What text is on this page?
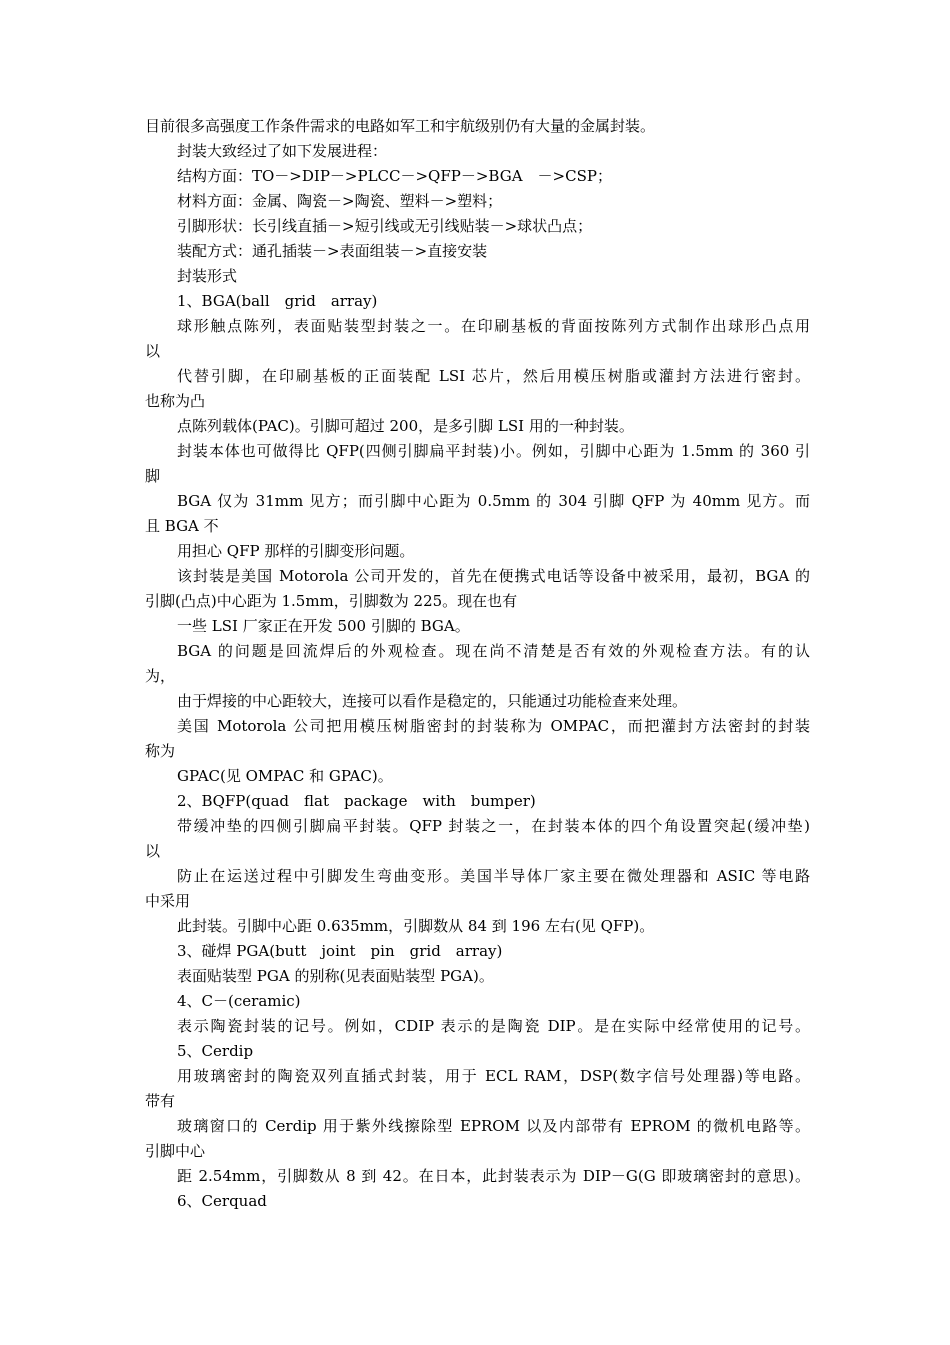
目前很多高强度工作条件需求的电路如军工和宇航级别仍有大量的金属封装。
封装大致经过了如下发展进程：
结构方面：TO－>DIP－>PLCC－>QFP－>BGA　－>CSP；
材料方面：金属、陶瓷－>陶瓷、塑料－>塑料；
引脚形状：长引线直插－>短引线或无引线贴装－>球状凸点；
装配方式：通孔插装－>表面组装－>直接安装
封装形式
1、BGA(ball　grid　array)
球形触点陈列，表面贴装型封装之一。在印刷基板的背面按陈列方式制作出球形凸点用
以
代替引脚，在印刷基板的正面装配 LSI 芯片，然后用模压树脂或灌封方法进行密封。
也称为凸
点陈列载体(PAC)。引脚可超过 200，是多引脚 LSI 用的一种封装。
封装本体也可做得比 QFP(四侧引脚扁平封装)小。例如，引脚中心距为 1.5mm 的 360 引
脚
BGA 仅为 31mm 见方；而引脚中心距为 0.5mm 的 304 引脚 QFP 为 40mm 见方。而
且 BGA 不
用担心 QFP 那样的引脚变形问题。
该封装是美国 Motorola 公司开发的，首先在便携式电话等设备中被采用，最初，BGA 的
引脚(凸点)中心距为 1.5mm，引脚数为 225。现在也有
一些 LSI 厂家正在开发 500 引脚的 BGA。
BGA 的问题是回流焊后的外观检查。现在尚不清楚是否有效的外观检查方法。有的认
为，
由于焊接的中心距较大，连接可以看作是稳定的，只能通过功能检查来处理。
美国 Motorola 公司把用模压树脂密封的封装称为 OMPAC，而把灌封方法密封的封装
称为
GPAC(见 OMPAC 和 GPAC)。
2、BQFP(quad　flat　package　with　bumper)
带缓冲垫的四侧引脚扁平封装。QFP 封装之一，在封装本体的四个角设置突起(缓冲垫)
以
防止在运送过程中引脚发生弯曲变形。美国半导体厂家主要在微处理器和 ASIC 等电路
中采用
此封装。引脚中心距 0.635mm，引脚数从 84 到 196 左右(见 QFP)。
3、碰焊 PGA(butt　joint　pin　grid　array)
表面贴装型 PGA 的别称(见表面贴装型 PGA)。
4、C－(ceramic)
表示陶瓷封装的记号。例如，CDIP 表示的是陶瓷 DIP。是在实际中经常使用的记号。
5、Cerdip
用玻璃密封的陶瓷双列直插式封装，用于 ECL RAM，DSP(数字信号处理器)等电路。
带有
玻璃窗口的 Cerdip 用于紫外线擦除型 EPROM 以及内部带有 EPROM 的微机电路等。
引脚中心
距 2.54mm，引脚数从 8 到 42。在日本，此封装表示为 DIP－G(G 即玻璃密封的意思)。
6、Cerquad
